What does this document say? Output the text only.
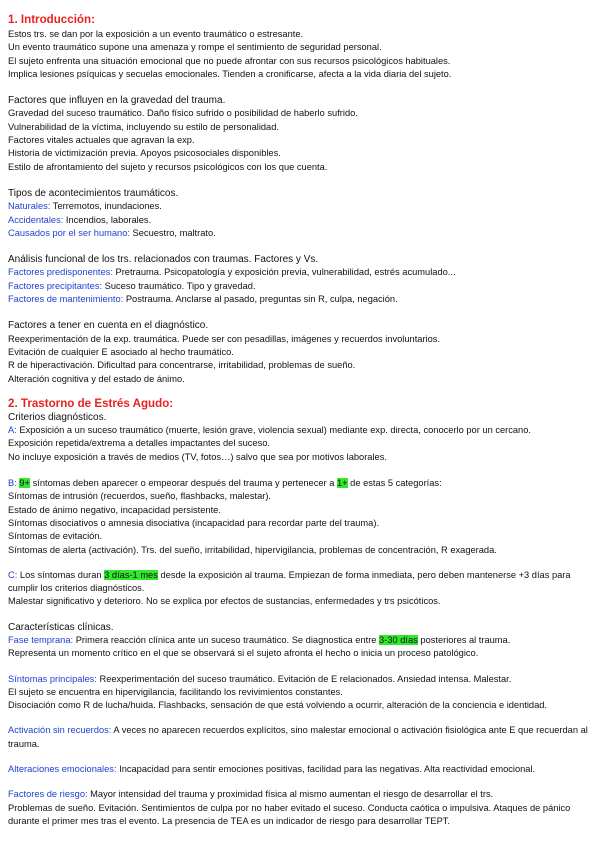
1. Introducción:

Estos trs. se dan por la exposición a un evento traumático o estresante.

Un evento traumático supone una amenaza y rompe el sentimiento de seguridad personal.

El sujeto enfrenta una situación emocional que no puede afrontar con sus recursos psicológicos habituales.

Implica lesiones psíquicas y secuelas emocionales. Tienden a cronificarse, afecta a la vida diaria del sujeto.

Factores que influyen en la gravedad del trauma.

Gravedad del suceso traumático. Daño físico sufrido o posibilidad de haberlo sufrido.

Vulnerabilidad de la víctima, incluyendo su estilo de personalidad.

Factores vitales actuales que agravan la exp.

Historia de victimización previa. Apoyos psicosociales disponibles.

Estilo de afrontamiento del sujeto y recursos psicológicos con los que cuenta.

Tipos de acontecimientos traumáticos.

Naturales: Terremotos, inundaciones.

Accidentales: Incendios, laborales.

Causados por el ser humano: Secuestro, maltrato.

Análisis funcional de los trs. relacionados con traumas. Factores y Vs.

Factores predisponentes: Pretrauma. Psicopatología y exposición previa, vulnerabilidad, estrés acumulado...

Factores precipitantes: Suceso traumático. Tipo y gravedad.

Factores de mantenimiento: Postrauma. Anclarse al pasado, preguntas sin R, culpa, negación.

Factores a tener en cuenta en el diagnóstico.

Reexperimentación de la exp. traumática. Puede ser con pesadillas, imágenes y recuerdos involuntarios.

Evitación de cualquier E asociado al hecho traumático.

R de hiperactivación. Dificultad para concentrarse, irritabilidad, problemas de sueño.

Alteración cognitiva y del estado de ánimo.

2. Trastorno de Estrés Agudo:

Criterios diagnósticos.

A: Exposición a un suceso traumático (muerte, lesión grave, violencia sexual) mediante exp. directa, conocerlo por un cercano.

Exposición repetida/extrema a detalles impactantes del suceso.

No incluye exposición a través de medios (TV, fotos…) salvo que sea por motivos laborales.

B: 9+ síntomas deben aparecer o empeorar después del trauma y pertenecer a 1+ de estas 5 categorías:

Síntomas de intrusión (recuerdos, sueño, flashbacks, malestar).

Estado de ánimo negativo, incapacidad persistente.

Síntomas disociativos o amnesia disociativa (incapacidad para recordar parte del trauma).

Síntomas de evitación.

Síntomas de alerta (activación). Trs. del sueño, irritabilidad, hipervigilancia, problemas de concentración, R exagerada.

C: Los síntomas duran 3 días-1 mes desde la exposición al trauma. Empiezan de forma inmediata, pero deben mantenerse +3 días para cumplir los criterios diagnósticos.

Malestar significativo y deterioro. No se explica por efectos de sustancias, enfermedades y trs psicóticos.

Características clínicas.

Fase temprana: Primera reacción clínica ante un suceso traumático. Se diagnostica entre 3-30 días posteriores al trauma.

Representa un momento crítico en el que se observará si el sujeto afronta el hecho o inicia un proceso patológico.

Síntomas principales: Reexperimentación del suceso traumático. Evitación de E relacionados. Ansiedad intensa. Malestar.

El sujeto se encuentra en hipervigilancia, facilitando los revivimientos constantes.

Disociación como R de lucha/huida. Flashbacks, sensación de que está volviendo a ocurrir, alteración de la conciencia e identidad.

Activación sin recuerdos: A veces no aparecen recuerdos explícitos, sino malestar emocional o activación fisiológica ante E que recuerdan al trauma.

Alteraciones emocionales: Incapacidad para sentir emociones positivas, facilidad para las negativas. Alta reactividad emocional.

Factores de riesgo: Mayor intensidad del trauma y proximidad física al mismo aumentan el riesgo de desarrollar el trs.

Problemas de sueño. Evitación. Sentimientos de culpa por no haber evitado el suceso. Conducta caótica o impulsiva. Ataques de pánico durante el primer mes tras el evento. La presencia de TEA es un indicador de riesgo para desarrollar TEPT.
